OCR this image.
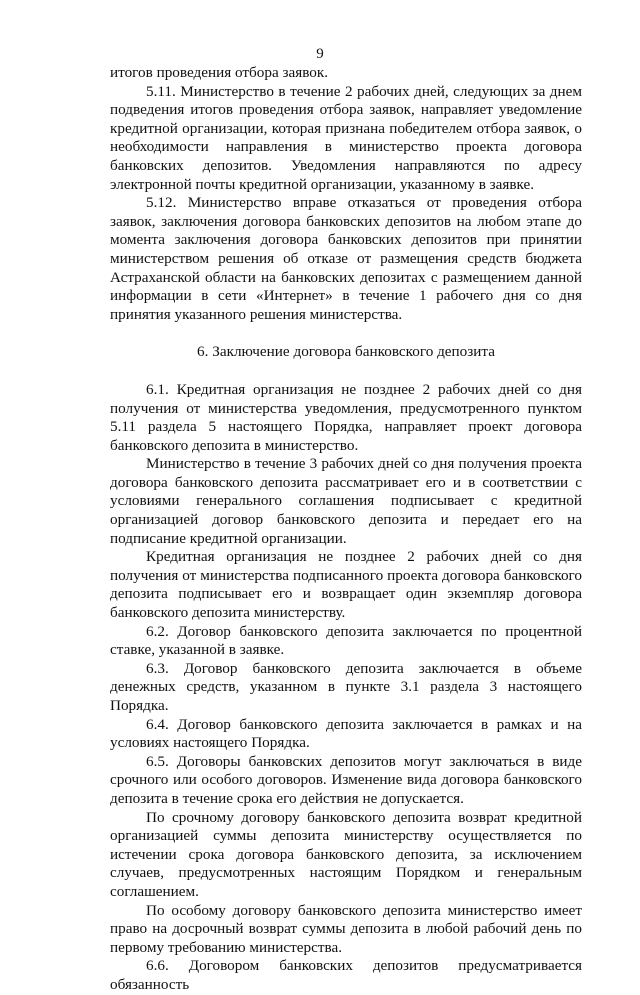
9

итогов проведения отбора заявок.

5.11. Министерство в течение 2 рабочих дней, следующих за днем подведения итогов проведения отбора заявок, направляет уведомление кредитной организации, которая признана победителем отбора заявок, о необходимости направления в министерство проекта договора банковских депозитов. Уведомления направляются по адресу электронной почты кредитной организации, указанному в заявке.

5.12. Министерство вправе отказаться от проведения отбора заявок, заключения договора банковских депозитов на любом этапе до момента заключения договора банковских депозитов при принятии министерством решения об отказе от размещения средств бюджета Астраханской области на банковских депозитах с размещением данной информации в сети «Интернет» в течение 1 рабочего дня со дня принятия указанного решения министерства.

6. Заключение договора банковского депозита

6.1. Кредитная организация не позднее 2 рабочих дней со дня получения от министерства уведомления, предусмотренного пунктом 5.11 раздела 5 настоящего Порядка, направляет проект договора банковского депозита в министерство.

Министерство в течение 3 рабочих дней со дня получения проекта договора банковского депозита рассматривает его и в соответствии с условиями генерального соглашения подписывает с кредитной организацией договор банковского депозита и передает его на подписание кредитной организации.

Кредитная организация не позднее 2 рабочих дней со дня получения от министерства подписанного проекта договора банковского депозита подписывает его и возвращает один экземпляр договора банковского депозита министерству.

6.2. Договор банковского депозита заключается по процентной ставке, указанной в заявке.

6.3. Договор банковского депозита заключается в объеме денежных средств, указанном в пункте 3.1 раздела 3 настоящего Порядка.

6.4. Договор банковского депозита заключается в рамках и на условиях настоящего Порядка.

6.5. Договоры банковских депозитов могут заключаться в виде срочного или особого договоров. Изменение вида договора банковского депозита в течение срока его действия не допускается.

По срочному договору банковского депозита возврат кредитной организацией суммы депозита министерству осуществляется по истечении срока договора банковского депозита, за исключением случаев, предусмотренных настоящим Порядком и генеральным соглашением.

По особому договору банковского депозита министерство имеет право на досрочный возврат суммы депозита в любой рабочий день по первому требованию министерства.

6.6. Договором банковских депозитов предусматривается обязанность
